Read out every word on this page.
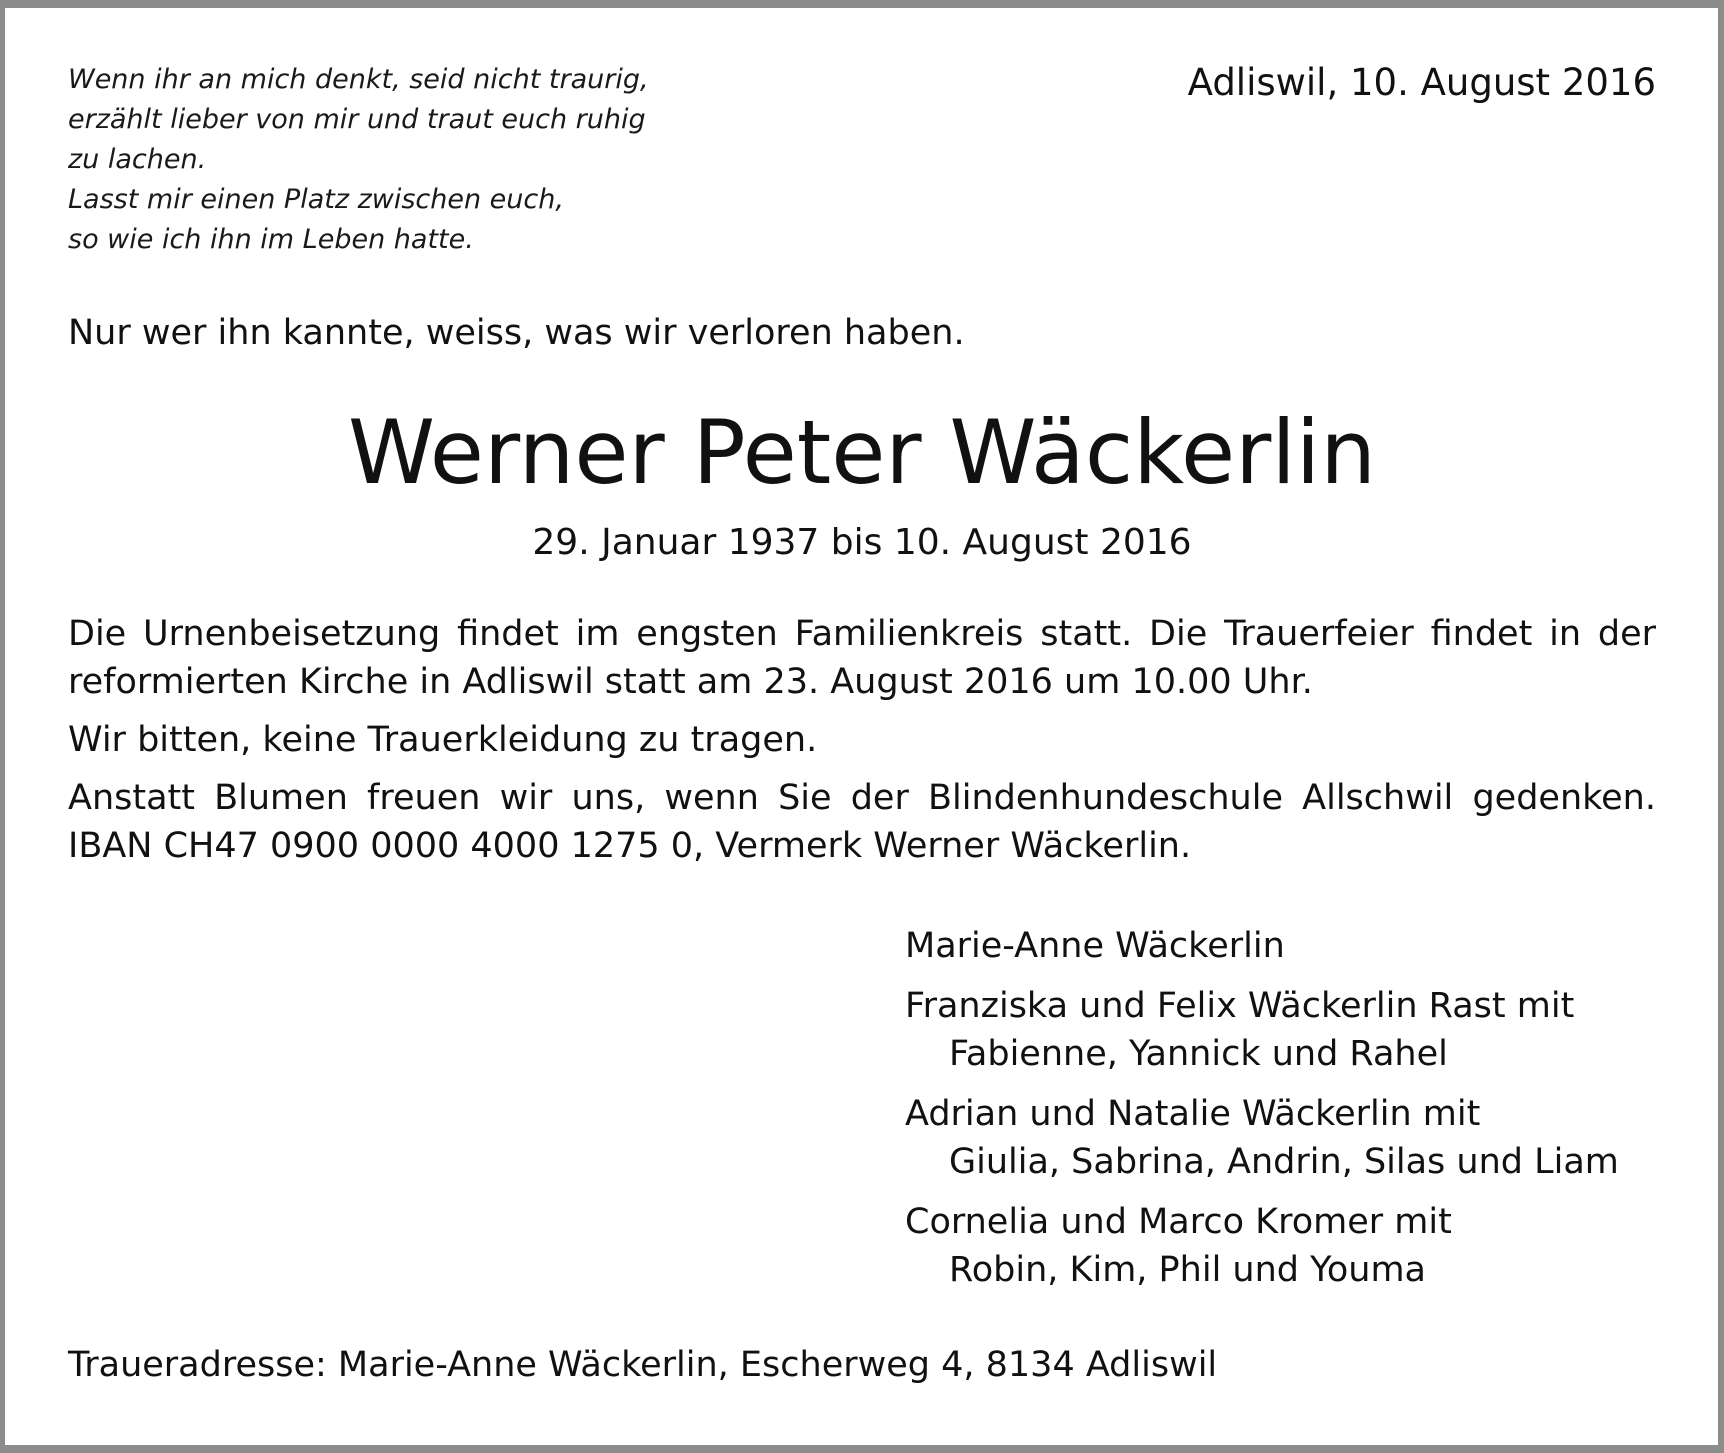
Wenn ihr an mich denkt, seid nicht traurig,
erzählt lieber von mir und traut euch ruhig
zu lachen.
Lasst mir einen Platz zwischen euch,
so wie ich ihn im Leben hatte.
Adliswil, 10. August 2016
Nur wer ihn kannte, weiss, was wir verloren haben.
Werner Peter Wäckerlin
29. Januar 1937 bis 10. August 2016

Die Urnenbeisetzung findet im engsten Familienkreis statt. Die Trauerfeier findet in der reformierten Kirche in Adliswil statt am 23. August 2016 um 10.00 Uhr.

Wir bitten, keine Trauerkleidung zu tragen.

Anstatt Blumen freuen wir uns, wenn Sie der Blindenhundeschule Allschwil gedenken. IBAN CH47 0900 0000 4000 1275 0, Vermerk Werner Wäckerlin.

Marie-Anne Wäckerlin
Franziska und Felix Wäckerlin Rast mit
Fabienne, Yannick und Rahel
Adrian und Natalie Wäckerlin mit
Giulia, Sabrina, Andrin, Silas und Liam
Cornelia und Marco Kromer mit
Robin, Kim, Phil und Youma
Traueradresse: Marie-Anne Wäckerlin, Escherweg 4, 8134 Adliswil
